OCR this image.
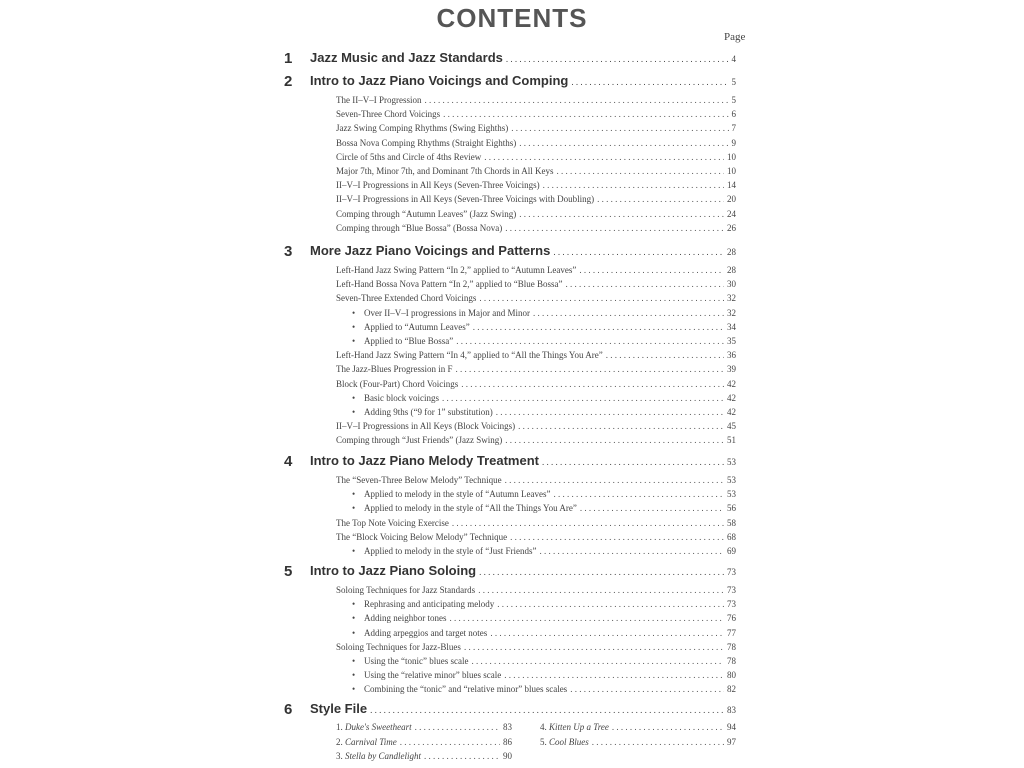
CONTENTS
Page
1 Jazz Music and Jazz Standards . . .	4
2 Intro to Jazz Piano Voicings and Comping . . .	5
The II–V–I Progression . . .	5
Seven-Three Chord Voicings . . .	6
Jazz Swing Comping Rhythms (Swing Eighths) . . .	7
Bossa Nova Comping Rhythms (Straight Eighths) . . .	9
Circle of 5ths and Circle of 4ths Review . . .	10
Major 7th, Minor 7th, and Dominant 7th Chords in All Keys . . .	10
II–V–I Progressions in All Keys (Seven-Three Voicings) . . .	14
II–V–I Progressions in All Keys (Seven-Three Voicings with Doubling) . . .	20
Comping through “Autumn Leaves” (Jazz Swing) . . .	24
Comping through “Blue Bossa” (Bossa Nova) . . .	26
3 More Jazz Piano Voicings and Patterns . . .	28
Left-Hand Jazz Swing Pattern “In 2,” applied to “Autumn Leaves” . . .	28
Left-Hand Bossa Nova Pattern “In 2,” applied to “Blue Bossa” . . .	30
Seven-Three Extended Chord Voicings . . .	32
• Over II–V–I progressions in Major and Minor . . .	32
• Applied to “Autumn Leaves” . . .	34
• Applied to “Blue Bossa” . . .	35
Left-Hand Jazz Swing Pattern “In 4,” applied to “All the Things You Are” . . .	36
The Jazz-Blues Progression in F . . .	39
Block (Four-Part) Chord Voicings . . .	42
• Basic block voicings . . .	42
• Adding 9ths (“9 for 1” substitution) . . .	42
II–V–I Progressions in All Keys (Block Voicings) . . .	45
Comping through “Just Friends” (Jazz Swing) . . .	51
4 Intro to Jazz Piano Melody Treatment . . .	53
The “Seven-Three Below Melody” Technique . . .	53
• Applied to melody in the style of “Autumn Leaves” . . .	53
• Applied to melody in the style of “All the Things You Are” . . .	56
The Top Note Voicing Exercise . . .	58
The “Block Voicing Below Melody” Technique . . .	68
• Applied to melody in the style of “Just Friends” . . .	69
5 Intro to Jazz Piano Soloing . . .	73
Soloing Techniques for Jazz Standards . . .	73
• Rephrasing and anticipating melody . . .	73
• Adding neighbor tones . . .	76
• Adding arpeggios and target notes . . .	77
Soloing Techniques for Jazz-Blues . . .	78
• Using the “tonic” blues scale . . .	78
• Using the “relative minor” blues scale . . .	80
• Combining the “tonic” and “relative minor” blues scales . . .	82
6 Style File . . .	83
1. Duke's Sweetheart . . .	83
2. Carnival Time . . .	86
3. Stella by Candlelight . . .	90
4. Kitten Up a Tree . . .	94
5. Cool Blues . . .	97
